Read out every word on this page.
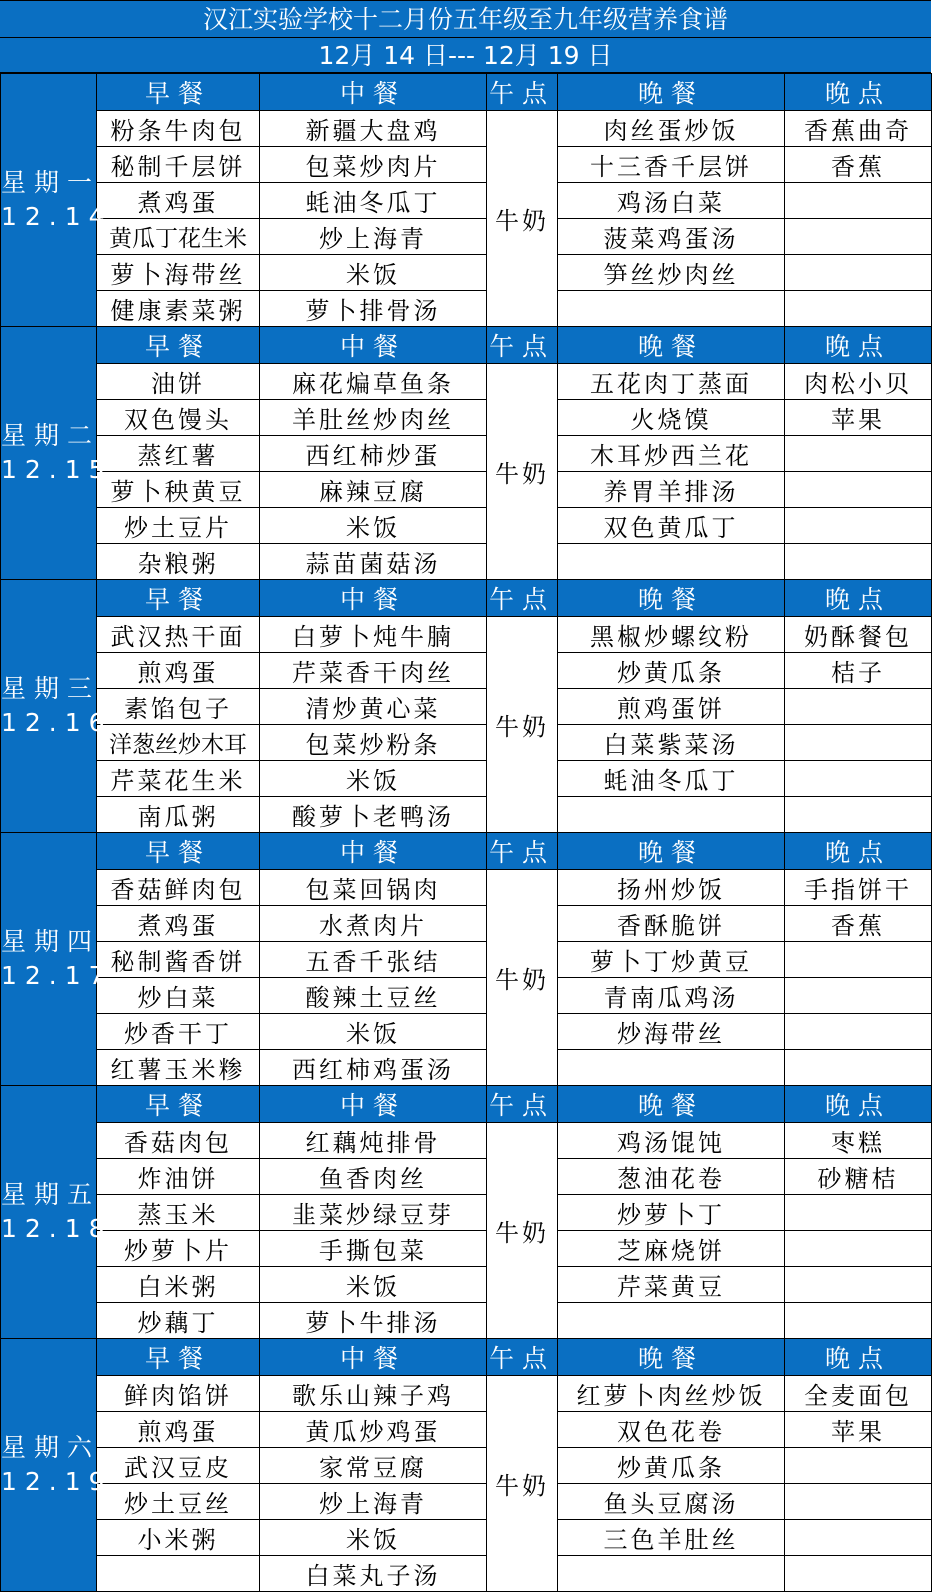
汉江实验学校十二月份五年级至九年级营养食谱
12月 14 日--- 12月 19 日
星期一
12.14	早餐	中餐	午点	晚餐	晚点
	粉条牛肉包	新疆大盘鸡	牛奶	肉丝蛋炒饭	香蕉曲奇
	秘制千层饼	包菜炒肉片		十三香千层饼	香蕉
	煮鸡蛋	蚝油冬瓜丁		鸡汤白菜	
	黄瓜丁花生米	炒上海青		菠菜鸡蛋汤	
	萝卜海带丝	米饭		笋丝炒肉丝	
	健康素菜粥	萝卜排骨汤			

星期二
12.15	早餐	中餐	午点	晚餐	晚点
	油饼	麻花煸草鱼条	牛奶	五花肉丁蒸面	肉松小贝
	双色馒头	羊肚丝炒肉丝		火烧馍	苹果
	蒸红薯	西红柿炒蛋		木耳炒西兰花	
	萝卜秧黄豆	麻辣豆腐		养胃羊排汤	
	炒土豆片	米饭		双色黄瓜丁	
	杂粮粥	蒜苗菌菇汤			

星期三
12.16	早餐	中餐	午点	晚餐	晚点
	武汉热干面	白萝卜炖牛腩	牛奶	黑椒炒螺纹粉	奶酥餐包
	煎鸡蛋	芹菜香干肉丝		炒黄瓜条	桔子
	素馅包子	清炒黄心菜		煎鸡蛋饼	
	洋葱丝炒木耳	包菜炒粉条		白菜紫菜汤	
	芹菜花生米	米饭		蚝油冬瓜丁	
	南瓜粥	酸萝卜老鸭汤			

星期四
12.17	早餐	中餐	午点	晚餐	晚点
	香菇鲜肉包	包菜回锅肉	牛奶	扬州炒饭	手指饼干
	煮鸡蛋	水煮肉片		香酥脆饼	香蕉
	秘制酱香饼	五香千张结		萝卜丁炒黄豆	
	炒白菜	酸辣土豆丝		青南瓜鸡汤	
	炒香干丁	米饭		炒海带丝	
	红薯玉米糁	西红柿鸡蛋汤			

星期五
12.18	早餐	中餐	午点	晚餐	晚点
	香菇肉包	红藕炖排骨	牛奶	鸡汤馄饨	枣糕
	炸油饼	鱼香肉丝		葱油花卷	砂糖桔
	蒸玉米	韭菜炒绿豆芽		炒萝卜丁	
	炒萝卜片	手撕包菜		芝麻烧饼	
	白米粥	米饭		芹菜黄豆	
	炒藕丁	萝卜牛排汤			

星期六
12.19	早餐	中餐	午点	晚餐	晚点
	鲜肉馅饼	歌乐山辣子鸡	牛奶	红萝卜肉丝炒饭	全麦面包
	煎鸡蛋	黄瓜炒鸡蛋		双色花卷	苹果
	武汉豆皮	家常豆腐		炒黄瓜条	
	炒土豆丝	炒上海青		鱼头豆腐汤	
	小米粥	米饭		三色羊肚丝	
		白菜丸子汤			
